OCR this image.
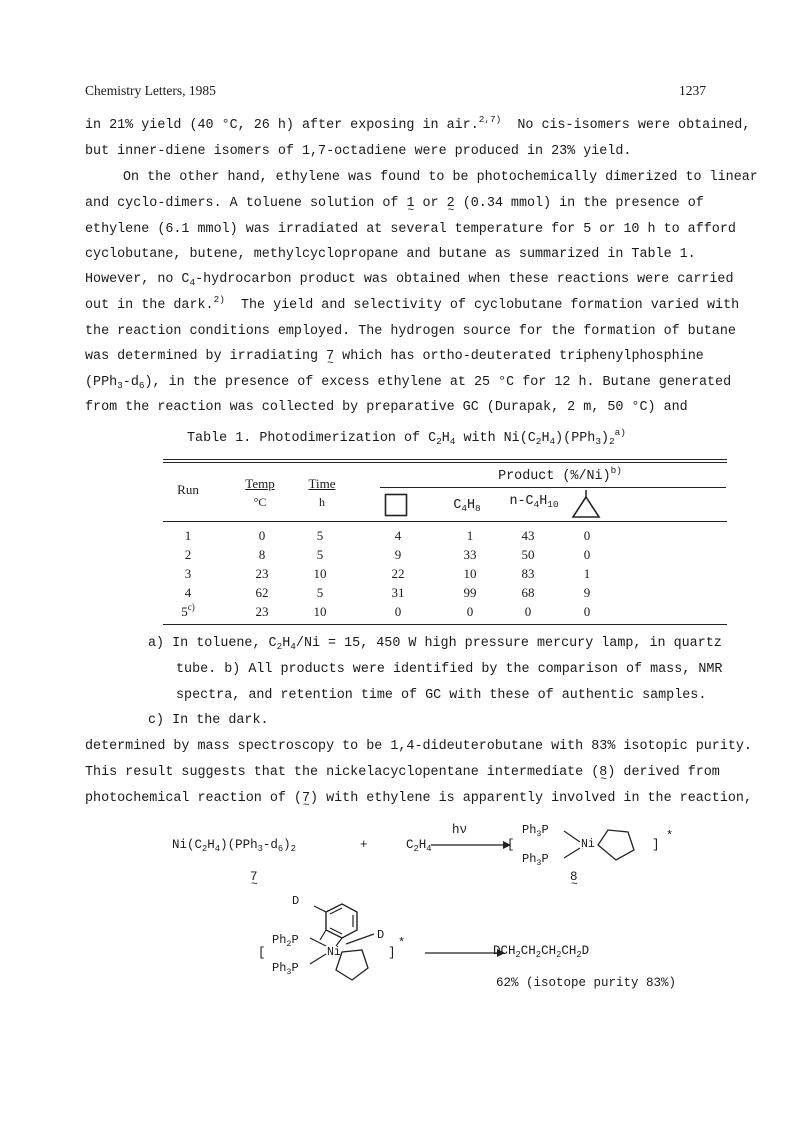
Chemistry Letters, 1985	1237
in 21% yield (40 °C, 26 h) after exposing in air.$^{2,7)}$ No cis-isomers were obtained,
but inner-diene isomers of 1,7-octadiene were produced in 23% yield.
On the other hand, ethylene was found to be photochemically dimerized to linear
and cyclo-dimers. A toluene solution of 1 ~ or 2 ~ (0.34 mmol) in the presence of
ethylene (6.1 mmol) was irradiated at several temperature for 5 or 10 h to afford
cyclobutane, butene, methylcyclopropane and butane as summarized in Table 1.
However, no $C_4$-hydrocarbon product was obtained when these reactions were carried
out in the dark.$^{2)}$ The yield and selectivity of cyclobutane formation varied with
the reaction conditions employed. The hydrogen source for the formation of butane
was determined by irradiating 7 ~ which has ortho-deuterated triphenylphosphine
$(PPh_3-d_6)$, in the presence of excess ethylene at 25 °C for 12 h. Butane generated
from the reaction was collected by preparative GC (Durapak, 2 m, 50 °C) and
Table 1. Photodimerization of $C_2H_4$ with $Ni(C_2H_4)(PPh_3)_2^{a)}$
Run	Temp
°C
Time
h
Product $(\%/Ni)^{b)}$
$C_4H_8$	$n-C_4H_{10}$
1	0	5	4	1	43	0
2	8	5	9	33	50	0
3	23	10	22	10	83	1
4	62	5	31	99	68	9
5$^{c)}$	23	10	0	0	0	0
a) In toluene, $C_2H_4/Ni = 15$, 450 W high pressure mercury lamp, in quartz
tube. b) All products were identified by the comparison of mass, NMR
spectra, and retention time of GC with these of authentic samples.
c) In the dark.
determined by mass spectroscopy to be 1,4-dideuterobutane with 83% isotopic purity.
This result suggests that the nickelacyclopentane intermediate (8 ~) derived from
photochemical reaction of (7 ~) with ethylene is apparently involved in the reaction,
$Ni(C_2H_4)(PPh_3-d_6)_2$
7 ~
+	$C_2H_4$
hν
[
$Ph_3P$
$Ph_3P$
Ni	]
*
8 ~
D
D
[
$Ph_2P$
$Ph_3P$
Ni	]
*
$DCH_2CH_2CH_2CH_2D$
62% (isotope purity 83%)
